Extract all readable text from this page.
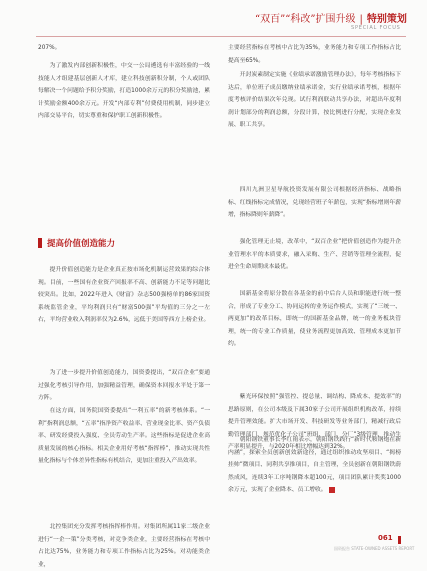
“双百”“科改”扩围升级 | 特别策划
SPECIAL FOCUS

207%。

为了激发内部创新积极性，中交一公局遴选有丰富经验的一线技能人才组建基层创新人才库，建立科技创新积分制，个人或团队每解决一个问题给予积分奖励，打造1000余万元的积分奖励池，累计奖励金额400余万元。开发“内部专利”付费使用机制，同步建立内部交易平台，切实尊重和保护职工创新积极性。

提高价值创造能力

提升价值创造能力是企业真正按市场化机制运营效果的综合体现。目前，一些国有企业资产回报率不高、创新能力不足等问题比较突出。比如，2022年进入《财富》杂志500强榜单的86家国资系统监管企业，平均利润只有“财富500强”平均值的三分之一左右，平均营业收入利润率仅为2.6%，远低于美国等西方上榜企业。

为了进一步提升价值创造能力，国资委提出，“双百企业”要通过强化考核引导作用，加强精益管理，确保资本回报水平处于第一方阵。

在这方面，国务院国资委提出“一利五率”的新考核体系。“一利”指利润总额，“五率”指净资产收益率、营业现金比率、资产负债率、研发经费投入强度、全员劳动生产率。这些指标是促进企业高质量发展的核心指标。相关企业用好考核“指挥棒”，推动实现共性量化指标与个体差异性指标有机结合，更加注重投入产出效率。

北控集团充分发挥考核指挥棒作用。对集团所属11家二级企业进行“一企一策”分类考核，对竞争类企业，主要经营指标在考核中占比达75%，业务能力和专项工作指标占比为25%。对功能类企业，

主要经营指标在考核中占比为35%，业务能力和专项工作指标占比提高至65%。

开封炭素制定实施《业绩承诺激励管理办法》，每年考核指标下达后，单位班子成员缴纳业绩承诺金，实行业绩承诺考核，根据年度考核评价结果次年兑现。试行利润联动共享办法，对超出年度利润计划部分的利润总额，分段计算，按比例进行分配，实现企业发展、职工共享。

四川九洲卫星导航投资发展有限公司根据经济指标、战略指标、红线指标完成情况，兑现经营班子年薪包，实现“指标增则年薪增，指标降则年薪降”。

强化管理无止境，改革中，“双百企业”把价值创造作为提升企业管理水平的本质要求，融入采购、生产、营销等管理全流程，促进全生命周期成本最优。

国新基金将原分散在各基金的前中后台人员和职能进行统一整合，形成了专业分工、协同运转的业务运作模式，实现了“三统一、两更加”的改革目标，即统一的国新基金品牌，统一的业务板块管理，统一的专业工作质量，使业务流程更加高效、管理成本更加节约。

紫光环保按照“强管控、提总量、调结构、降成本、提效率”的思路原则，在公司本级及下属30家子公司开展组织机构改革，持续提升管理效能。扩大市场开发、科技研发等业务部门，精减行政后勤管理部门，规范优化子公司“班组、部门、分厂”3级管理，推动生产率明显提升，与2020年相比增幅达到32%。

朝阳钢铁董事长李红雨表示，朝阳钢铁践行“新时代鞍钢炮在新内涵”，探索全员创新创效新途径，通过组织推动攻坚项目、“揭榜挂帅”微项目、同利共享推项目，自主管理，全员创新在朝阳钢铁蔚然成风，连续3年工序吨钢降本超100元，项目团队累计奖奖1000余万元，实现了企业降本、员工增收。

061
国资报告 STATE-OWNED ASSETS REPORT
